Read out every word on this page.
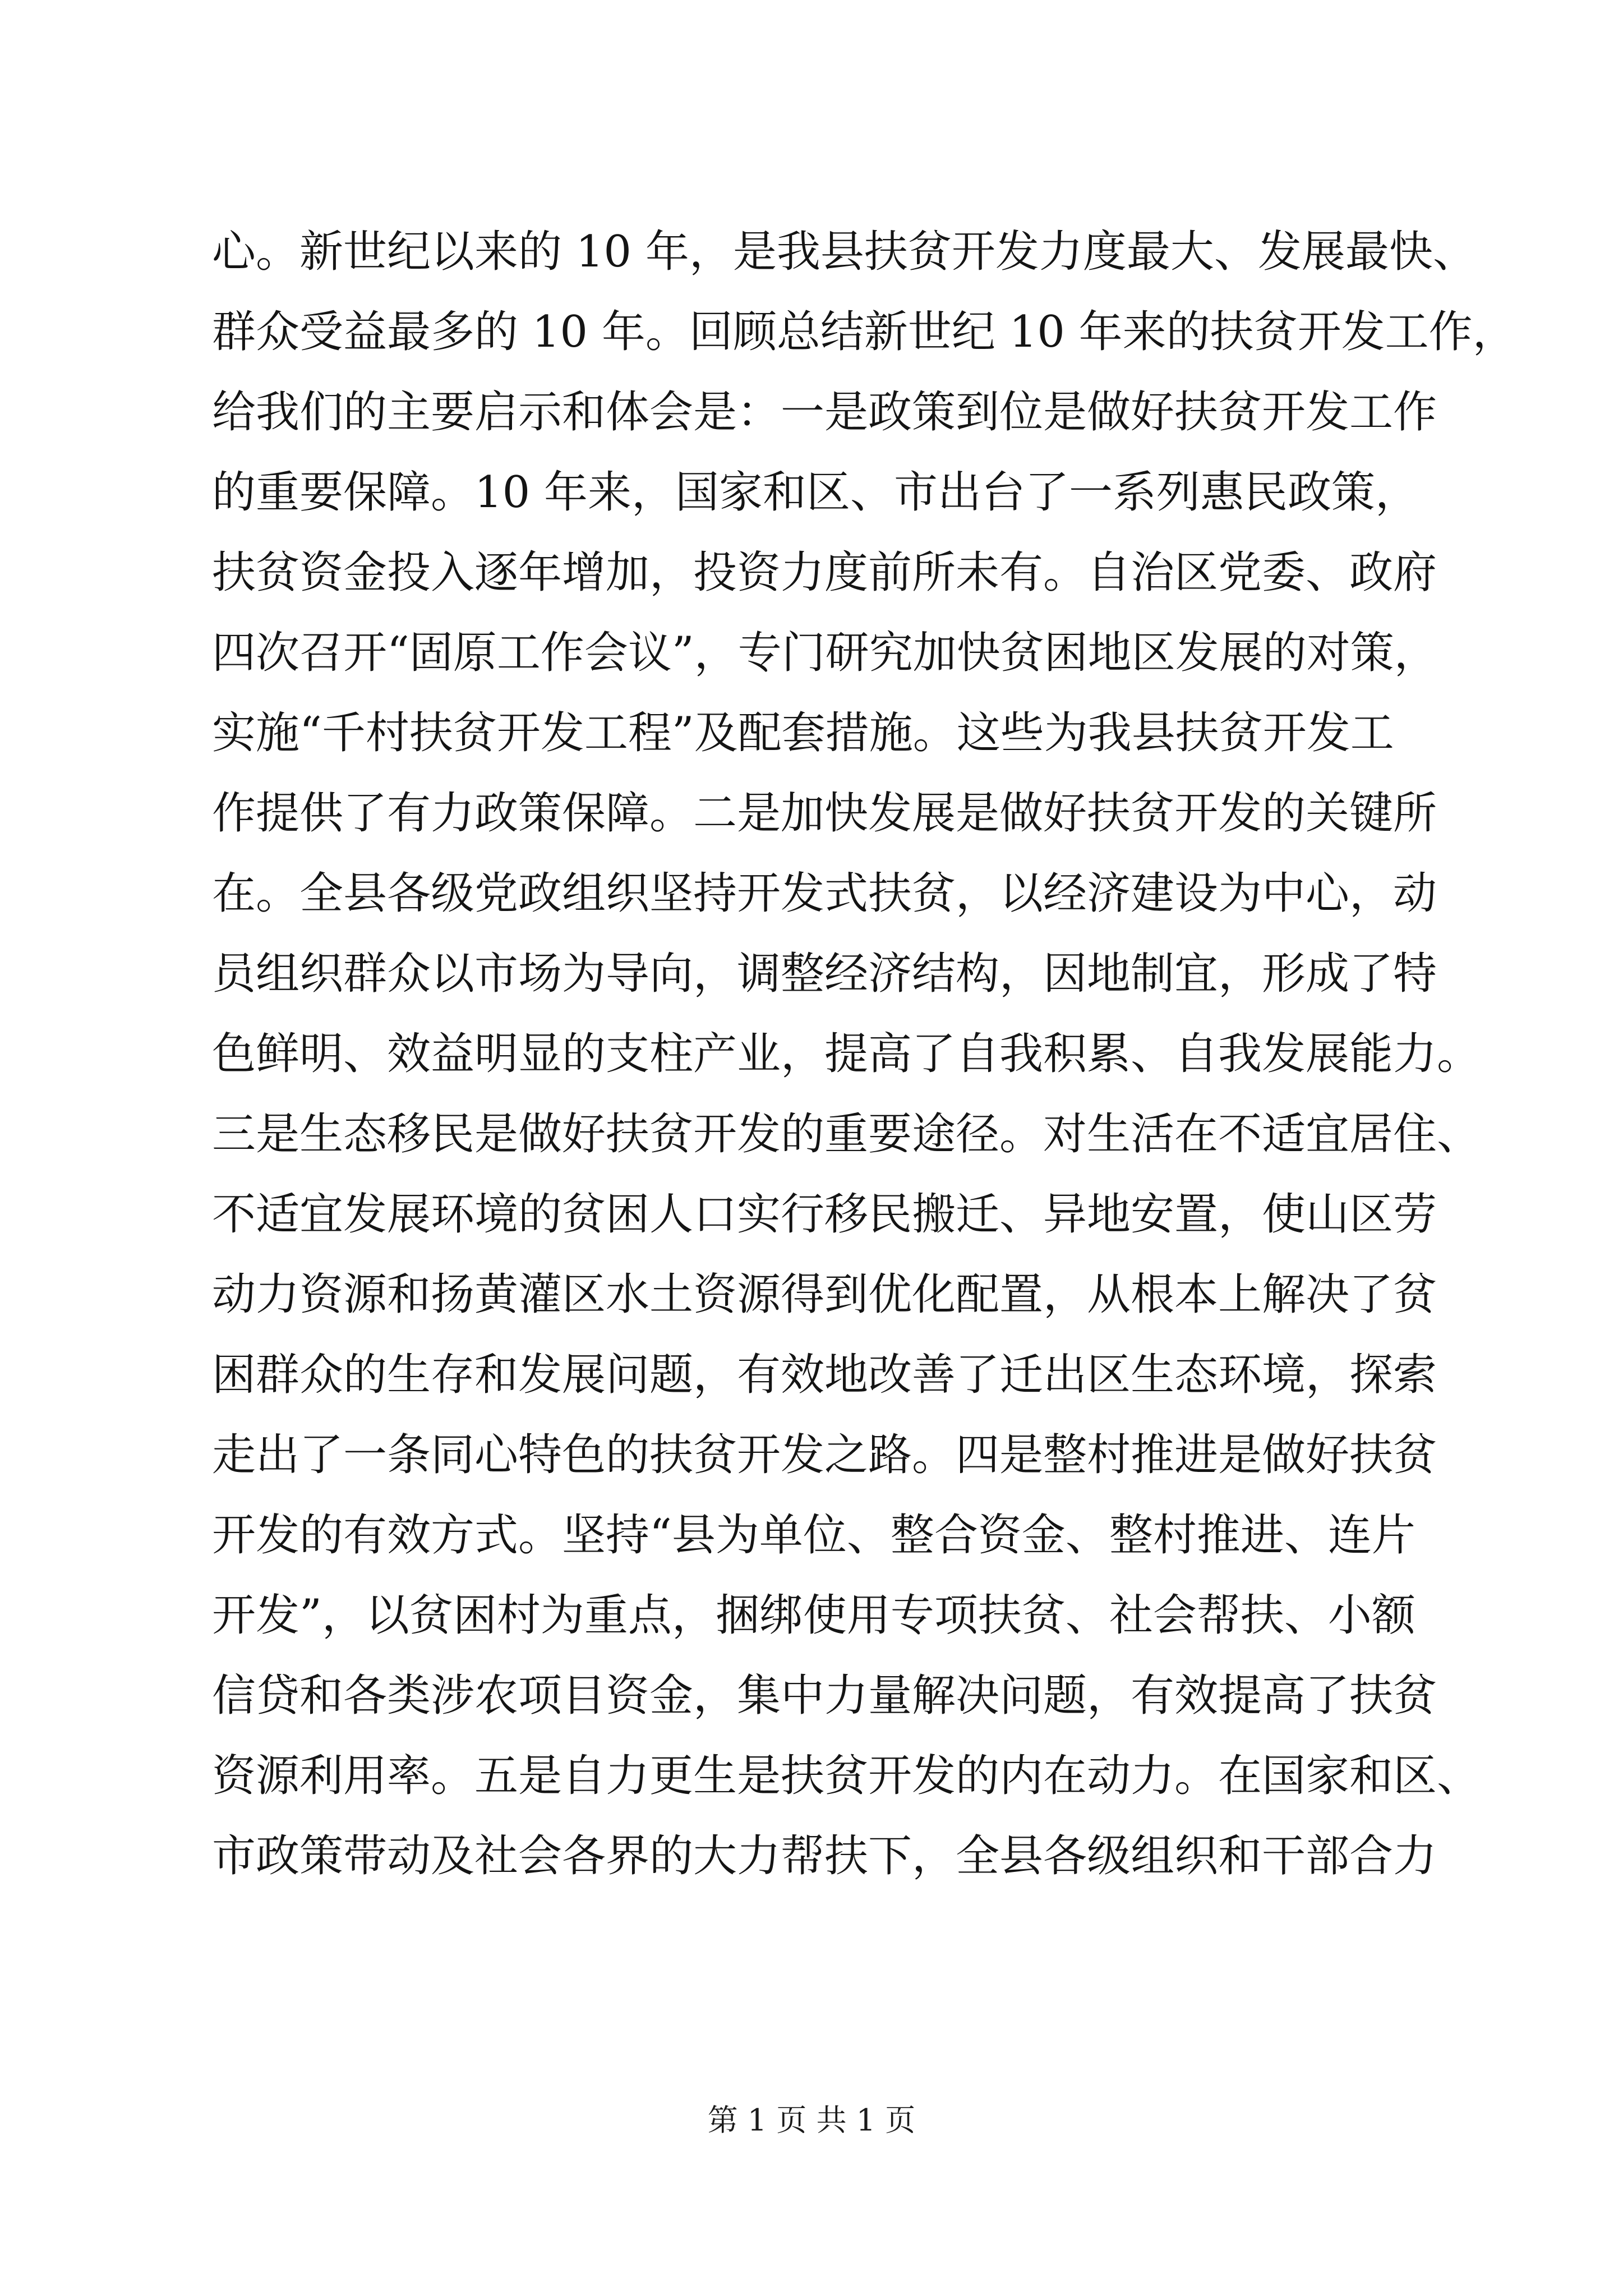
心。新世纪以来的 10 年，是我县扶贫开发力度最大、发展最快、
群众受益最多的 10 年。回顾总结新世纪 10 年来的扶贫开发工作，
给我们的主要启示和体会是：一是政策到位是做好扶贫开发工作
的重要保障。10 年来，国家和区、市出台了一系列惠民政策，
扶贫资金投入逐年增加，投资力度前所未有。自治区党委、政府
四次召开“固原工作会议”，专门研究加快贫困地区发展的对策，
实施“千村扶贫开发工程”及配套措施。这些为我县扶贫开发工
作提供了有力政策保障。二是加快发展是做好扶贫开发的关键所
在。全县各级党政组织坚持开发式扶贫，以经济建设为中心，动
员组织群众以市场为导向，调整经济结构，因地制宜，形成了特
色鲜明、效益明显的支柱产业，提高了自我积累、自我发展能力。
三是生态移民是做好扶贫开发的重要途径。对生活在不适宜居住、
不适宜发展环境的贫困人口实行移民搬迁、异地安置，使山区劳
动力资源和扬黄灌区水土资源得到优化配置，从根本上解决了贫
困群众的生存和发展问题，有效地改善了迁出区生态环境，探索
走出了一条同心特色的扶贫开发之路。四是整村推进是做好扶贫
开发的有效方式。坚持“县为单位、整合资金、整村推进、连片
开发”，以贫困村为重点，捆绑使用专项扶贫、社会帮扶、小额
信贷和各类涉农项目资金，集中力量解决问题，有效提高了扶贫
资源利用率。五是自力更生是扶贫开发的内在动力。在国家和区、
市政策带动及社会各界的大力帮扶下，全县各级组织和干部合力
第 1 页 共 1 页
